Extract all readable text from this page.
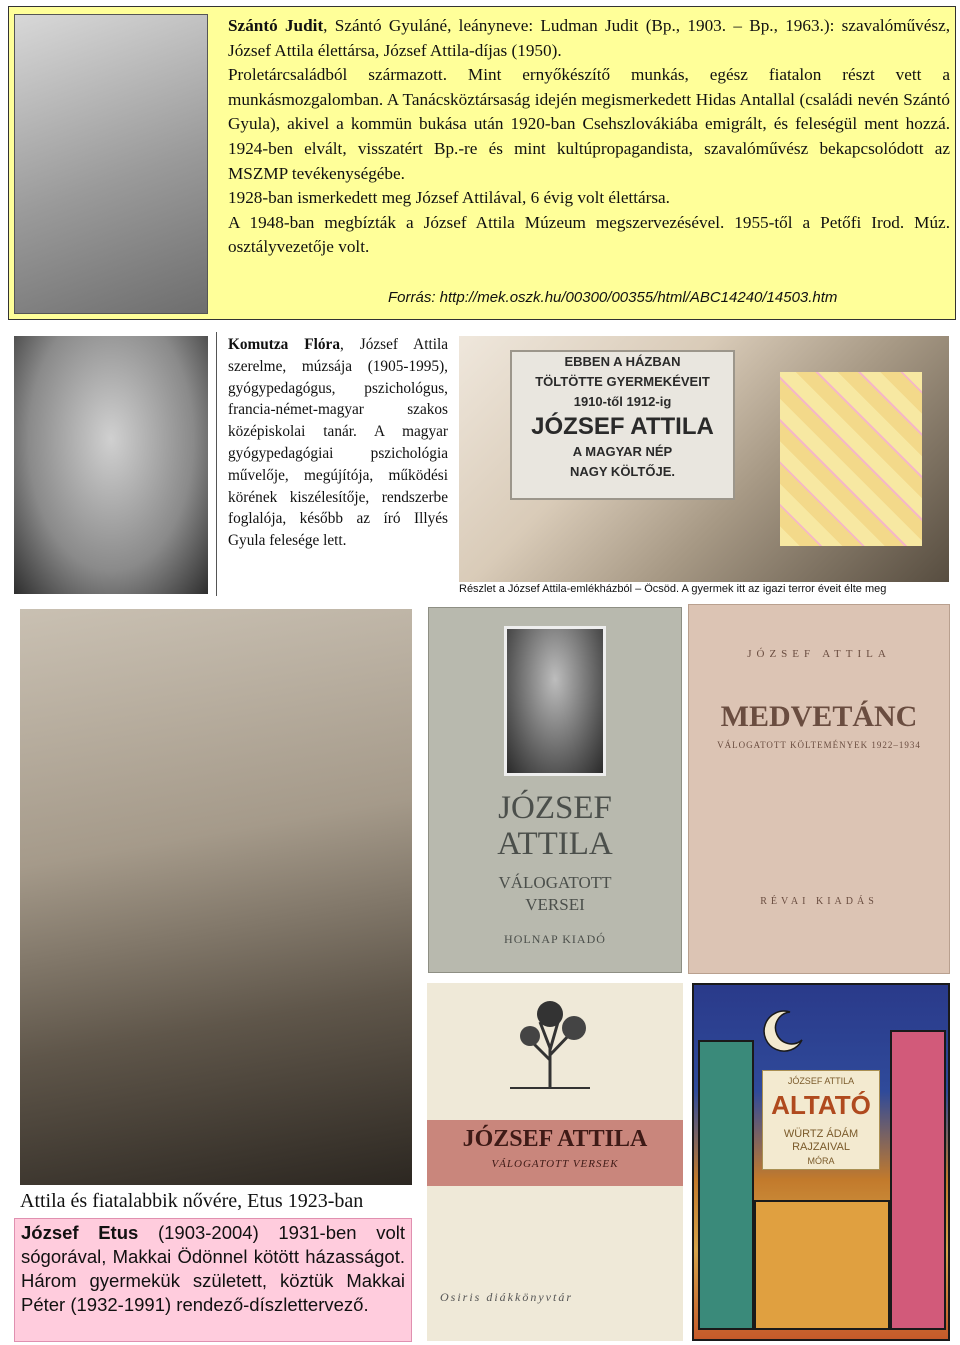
Szántó Judit, Szántó Gyuláné, leányneve: Ludman Judit (Bp., 1903. – Bp., 1963.): szavalóművész, József Attila élettársa, József Attila-díjas (1950).

Proletárcsaládból származott. Mint ernyőkészítő munkás, egész fiatalon részt vett a munkásmozgalomban. A Tanácsköztársaság idején megismerkedett Hidas Antallal (családi nevén Szántó Gyula), akivel a kommün bukása után 1920-ban Csehszlovákiába emigrált, és feleségül ment hozzá. 1924-ben elvált, visszatért Bp.-re és mint kultúpropagandista, szavalóművész bekapcsolódott az MSZMP tevékenységébe.

1928-ban ismerkedett meg József Attilával, 6 évig volt élettársa.

A 1948-ban megbízták a József Attila Múzeum megszervezésével. 1955-től a Petőfi Irod. Múz. osztályvezetője volt.

Forrás: http://mek.oszk.hu/00300/00355/html/ABC14240/14503.htm
Komutza Flóra, József Attila szerelme, múzsája (1905-1995), gyógypedagógus, pszichológus, francia-német-magyar szakos középiskolai tanár. A magyar gyógypedagógiai pszichológia művelője, megújítója, működési körének kiszélesítője, rendszerbe foglalója, később az író Illyés Gyula felesége lett.
EBBEN A HÁZBAN
TÖLTÖTTE GYERMEKÉVEIT
1910-től 1912-ig
JÓZSEF ATTILA
A MAGYAR NÉP
NAGY KÖLTŐJE.
Részlet a József Attila-emlékházból – Öcsöd. A gyermek itt az igazi terror éveit élte meg
Attila és fiatalabbik nővére, Etus 1923-ban
József Etus (1903-2004) 1931-ben volt sógorával, Makkai Ödönnel kötött házasságot. Három gyermekük született, köztük Makkai Péter (1932-1991) rendező-díszlettervező.
JÓZSEF
ATTILA
VÁLOGATOTT
VERSEI
HOLNAP KIADÓ
JÓZSEF ATTILA
MEDVETÁNC
VÁLOGATOTT KÖLTEMÉNYEK 1922–1934
RÉVAI KIADÁS
JÓZSEF ATTILA
VÁLOGATOTT VERSEK
Osiris diákkönyvtár
JÓZSEF ATTILA
ALTATÓ
WÜRTZ ÁDÁM
RAJZAIVAL
MÓRA
